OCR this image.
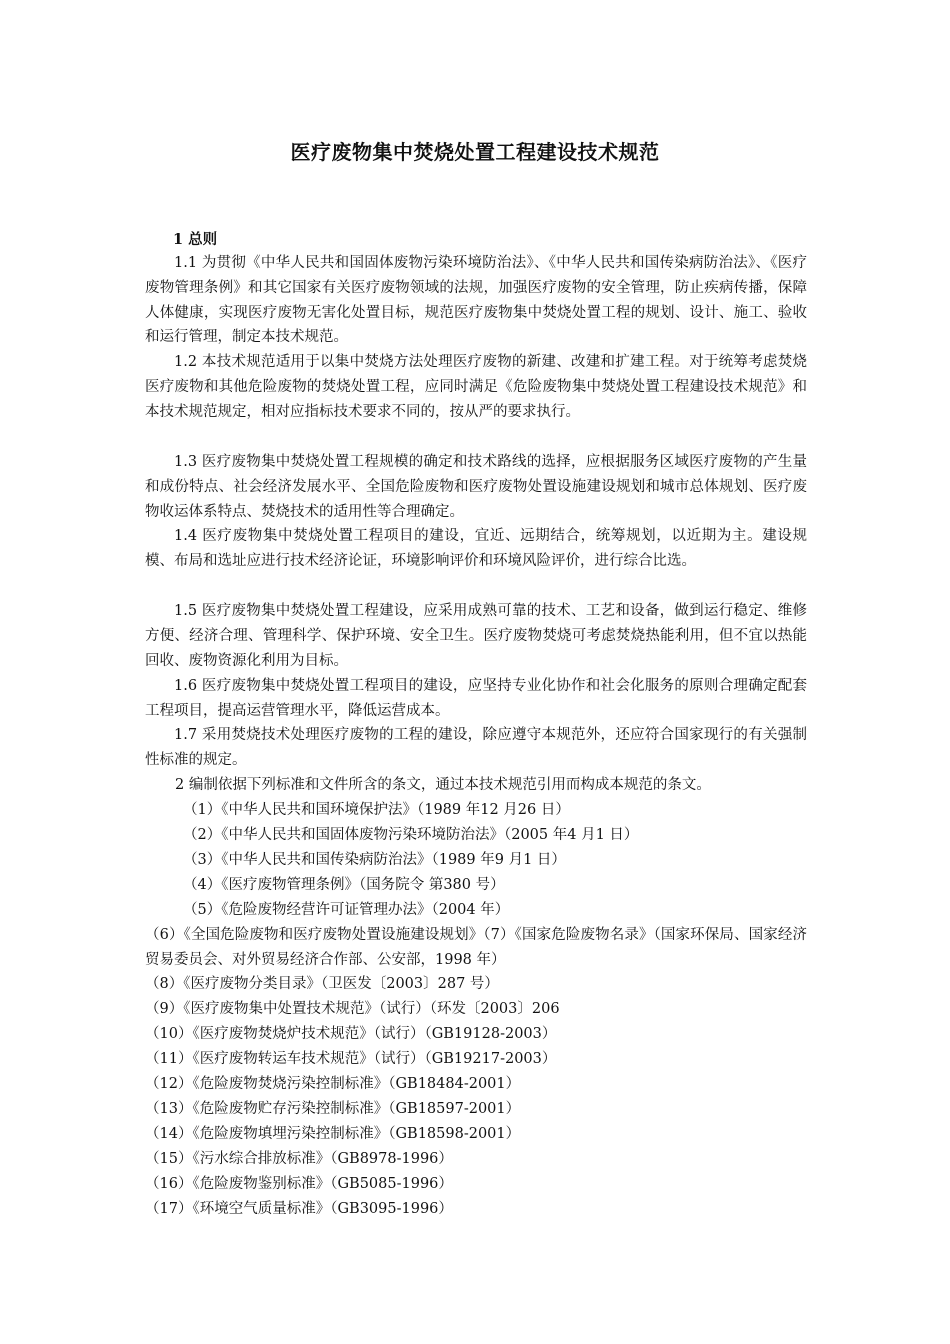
医疗废物集中焚烧处置工程建设技术规范
1 总则
1.1 为贯彻《中华人民共和国固体废物污染环境防治法》、《中华人民共和国传染病防治法》、《医疗废物管理条例》和其它国家有关医疗废物领域的法规，加强医疗废物的安全管理，防止疾病传播，保障人体健康，实现医疗废物无害化处置目标，规范医疗废物集中焚烧处置工程的规划、设计、施工、验收和运行管理，制定本技术规范。
1.2 本技术规范适用于以集中焚烧方法处理医疗废物的新建、改建和扩建工程。对于统筹考虑焚烧医疗废物和其他危险废物的焚烧处置工程，应同时满足《危险废物集中焚烧处置工程建设技术规范》和本技术规范规定，相对应指标技术要求不同的，按从严的要求执行。
1.3 医疗废物集中焚烧处置工程规模的确定和技术路线的选择，应根据服务区域医疗废物的产生量和成份特点、社会经济发展水平、全国危险废物和医疗废物处置设施建设规划和城市总体规划、医疗废物收运体系特点、焚烧技术的适用性等合理确定。
1.4 医疗废物集中焚烧处置工程项目的建设，宜近、远期结合，统筹规划，以近期为主。建设规模、布局和选址应进行技术经济论证，环境影响评价和环境风险评价，进行综合比选。
1.5 医疗废物集中焚烧处置工程建设，应采用成熟可靠的技术、工艺和设备，做到运行稳定、维修方便、经济合理、管理科学、保护环境、安全卫生。医疗废物焚烧可考虑焚烧热能利用，但不宜以热能回收、废物资源化利用为目标。
1.6 医疗废物集中焚烧处置工程项目的建设，应坚持专业化协作和社会化服务的原则合理确定配套工程项目，提高运营管理水平，降低运营成本。
1.7 采用焚烧技术处理医疗废物的工程的建设，除应遵守本规范外，还应符合国家现行的有关强制性标准的规定。
2 编制依据下列标准和文件所含的条文，通过本技术规范引用而构成本规范的条文。
（1）《中华人民共和国环境保护法》（1989 年12 月26 日）
（2）《中华人民共和国固体废物污染环境防治法》（2005 年4 月1 日）
（3）《中华人民共和国传染病防治法》（1989 年9 月1 日）
（4）《医疗废物管理条例》（国务院令 第380 号）
（5）《危险废物经营许可证管理办法》（2004 年）
（6）《全国危险废物和医疗废物处置设施建设规划》（7）《国家危险废物名录》（国家环保局、国家经济贸易委员会、对外贸易经济合作部、公安部，1998 年）
（8）《医疗废物分类目录》（卫医发〔2003〕287 号）
（9）《医疗废物集中处置技术规范》（试行）（环发〔2003〕206
（10）《医疗废物焚烧炉技术规范》（试行）（GB19128-2003）
（11）《医疗废物转运车技术规范》（试行）（GB19217-2003）
（12）《危险废物焚烧污染控制标准》（GB18484-2001）
（13）《危险废物贮存污染控制标准》（GB18597-2001）
（14）《危险废物填埋污染控制标准》（GB18598-2001）
（15）《污水综合排放标准》（GB8978-1996）
（16）《危险废物鉴别标准》（GB5085-1996）
（17）《环境空气质量标准》（GB3095-1996）
